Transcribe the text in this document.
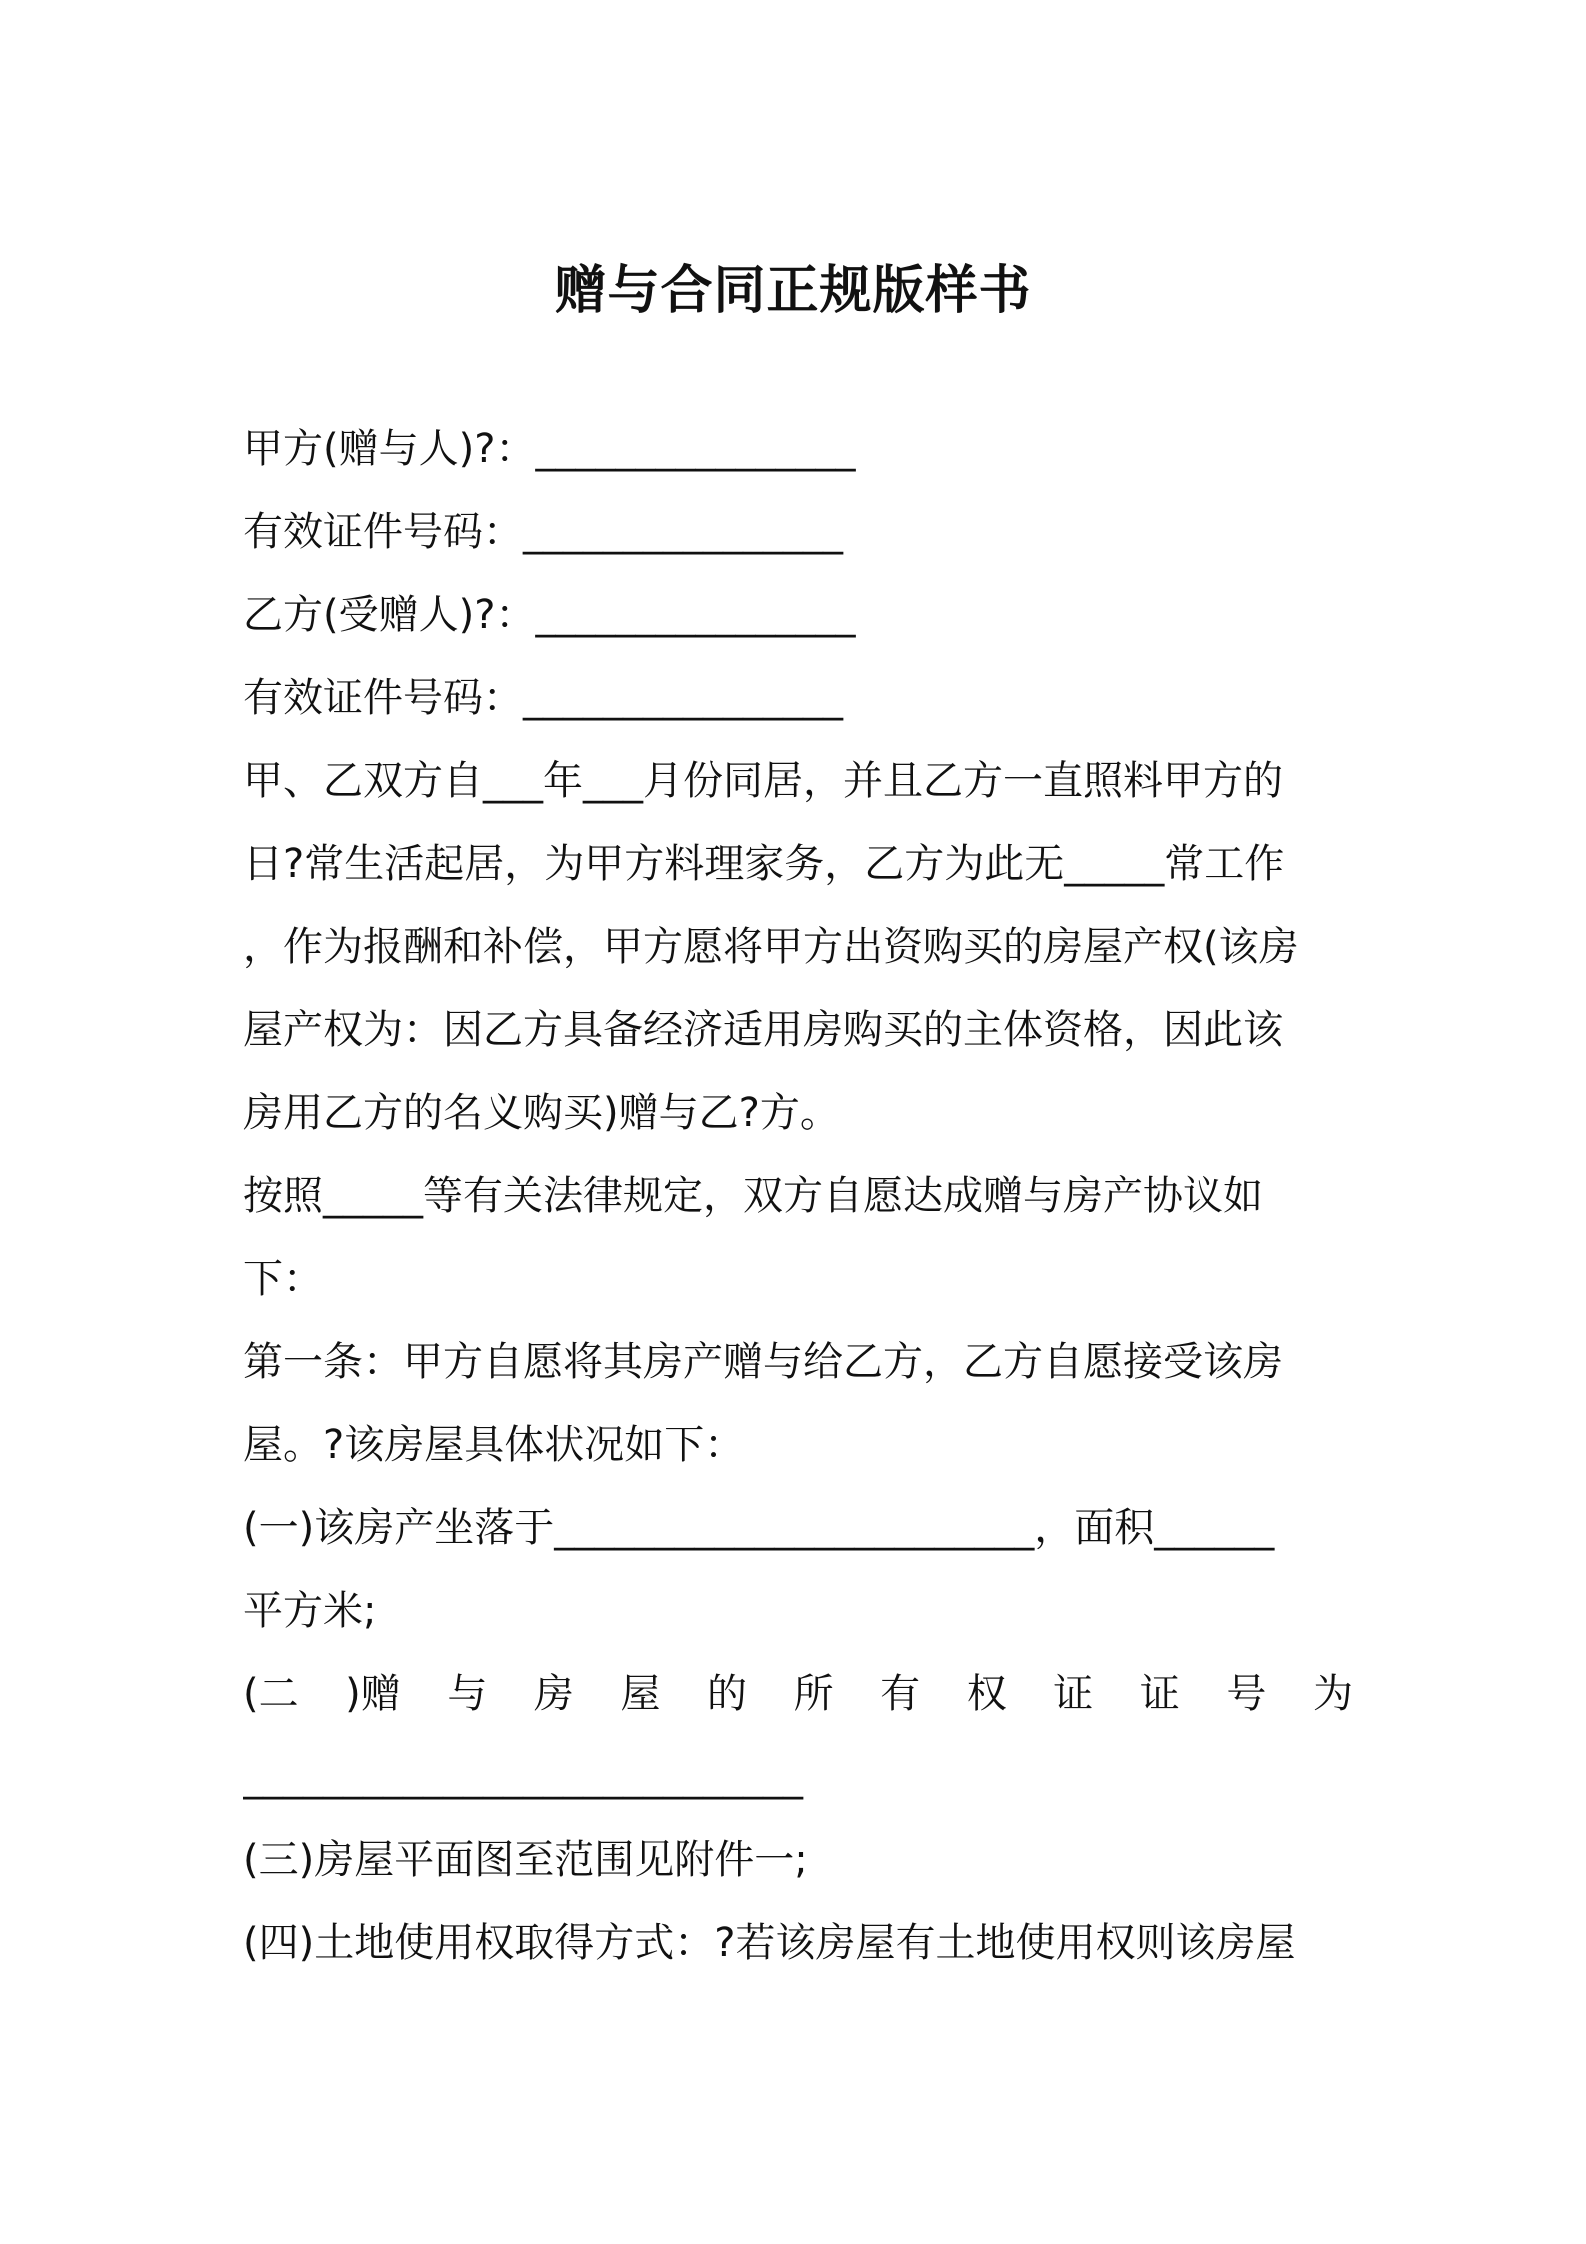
赠与合同正规版样书
甲方(赠与人)?：________________
有效证件号码：________________
乙方(受赠人)?：________________
有效证件号码：________________
甲、乙双方自___年___月份同居，并且乙方一直照料甲方的
日?常生活起居，为甲方料理家务，乙方为此无_____常工作
，作为报酬和补偿，甲方愿将甲方出资购买的房屋产权(该房
屋产权为：因乙方具备经济适用房购买的主体资格，因此该
房用乙方的名义购买)赠与乙?方。
按照_____等有关法律规定，双方自愿达成赠与房产协议如
下：
第一条：甲方自愿将其房产赠与给乙方，乙方自愿接受该房
屋。?该房屋具体状况如下：
(一)该房产坐落于________________________，面积______
平方米;
(二 )赠 与 房 屋 的 所 有 权 证 证 号 为
____________________________
(三)房屋平面图至范围见附件一;
(四)土地使用权取得方式：?若该房屋有土地使用权则该房屋
